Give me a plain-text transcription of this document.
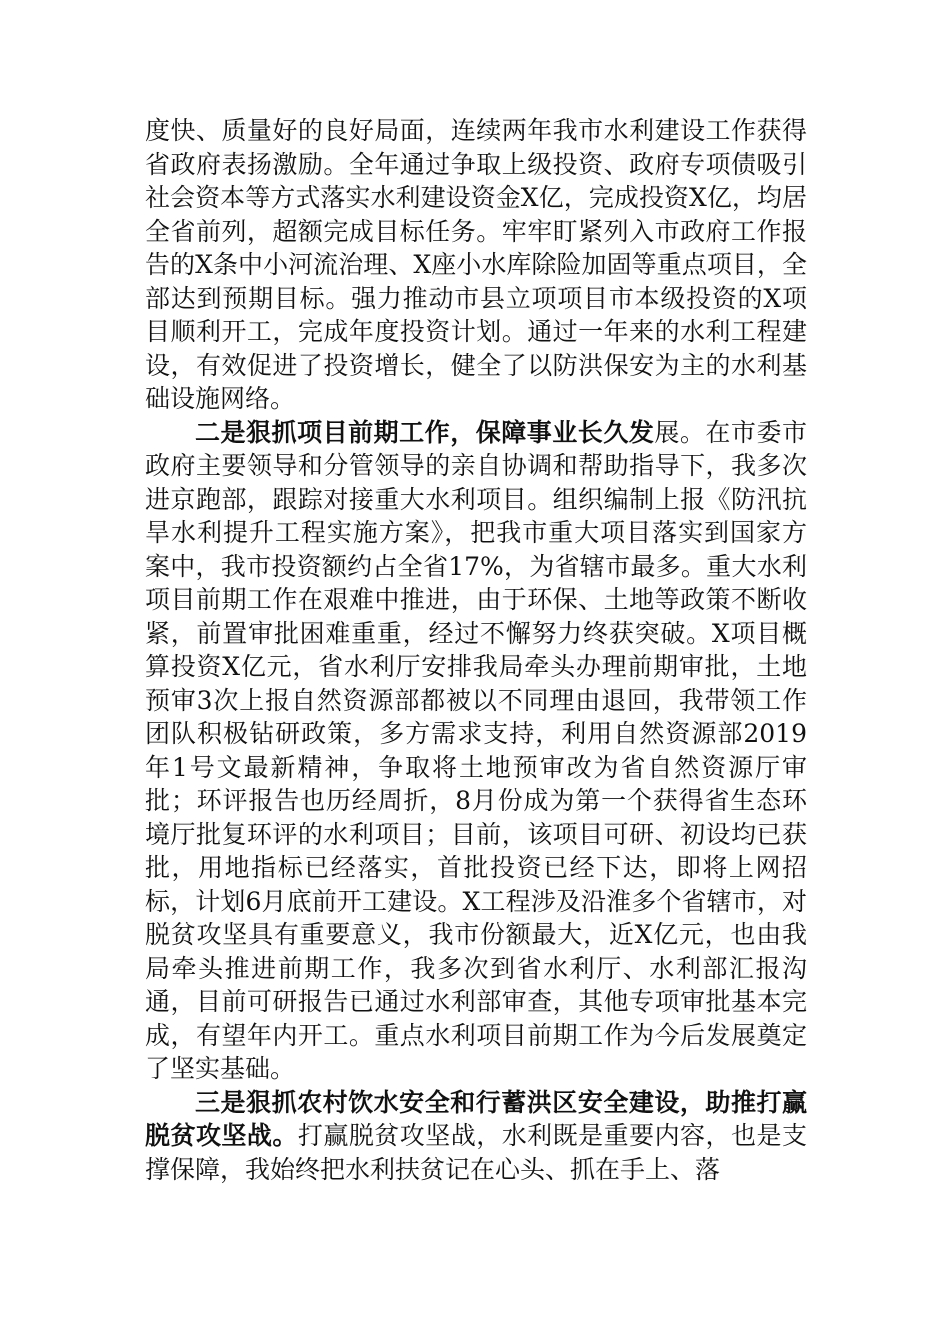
度快、质量好的良好局面，连续两年我市水利建设工作获得省政府表扬激励。全年通过争取上级投资、政府专项债吸引社会资本等方式落实水利建设资金X亿，完成投资X亿，均居全省前列，超额完成目标任务。牢牢盯紧列入市政府工作报告的X条中小河流治理、X座小水库除险加固等重点项目，全部达到预期目标。强力推动市县立项项目市本级投资的X项目顺利开工，完成年度投资计划。通过一年来的水利工程建设，有效促进了投资增长，健全了以防洪保安为主的水利基础设施网络。

二是狠抓项目前期工作，保障事业长久发展。在市委市政府主要领导和分管领导的亲自协调和帮助指导下，我多次进京跑部，跟踪对接重大水利项目。组织编制上报《防汛抗旱水利提升工程实施方案》，把我市重大项目落实到国家方案中，我市投资额约占全省17%，为省辖市最多。重大水利项目前期工作在艰难中推进，由于环保、土地等政策不断收紧，前置审批困难重重，经过不懈努力终获突破。X项目概算投资X亿元，省水利厅安排我局牵头办理前期审批，土地预审3次上报自然资源部都被以不同理由退回，我带领工作团队积极钻研政策，多方需求支持，利用自然资源部2019年1号文最新精神，争取将土地预审改为省自然资源厅审批；环评报告也历经周折，8月份成为第一个获得省生态环境厅批复环评的水利项目；目前，该项目可研、初设均已获批，用地指标已经落实，首批投资已经下达，即将上网招标，计划6月底前开工建设。X工程涉及沿淮多个省辖市，对脱贫攻坚具有重要意义，我市份额最大，近X亿元，也由我局牵头推进前期工作，我多次到省水利厅、水利部汇报沟通，目前可研报告已通过水利部审查，其他专项审批基本完成，有望年内开工。重点水利项目前期工作为今后发展奠定了坚实基础。

三是狠抓农村饮水安全和行蓄洪区安全建设，助推打赢脱贫攻坚战。打赢脱贫攻坚战，水利既是重要内容，也是支撑保障，我始终把水利扶贫记在心头、抓在手上、落
